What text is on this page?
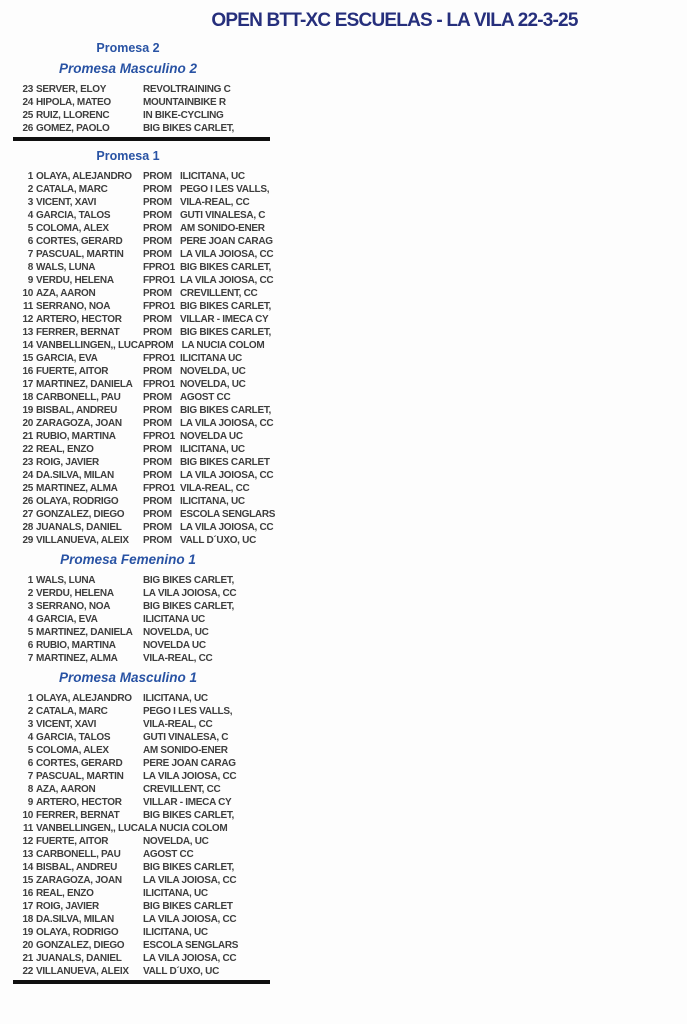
OPEN BTT-XC ESCUELAS - LA VILA 22-3-25
Promesa 2
Promesa Masculino 2
23 SERVER, ELOY	REVOLTRAINING C
24 HIPOLA, MATEO	MOUNTAINBIKE R
25 RUIZ, LLORENC	IN BIKE-CYCLING
26 GOMEZ, PAOLO	BIG BIKES CARLET,
Promesa 1
1 OLAYA, ALEJANDRO	PROM ILICITANA, UC
2 CATALA, MARC	PROM PEGO I LES VALLS,
3 VICENT, XAVI	PROM VILA-REAL, CC
4 GARCIA, TALOS	PROM GUTI VINALESA, C
5 COLOMA, ALEX	PROM AM SONIDO-ENER
6 CORTES, GERARD	PROM PERE JOAN CARAG
7 PASCUAL, MARTIN	PROM LA VILA JOIOSA, CC
8 WALS, LUNA	FPRO1 BIG BIKES CARLET,
9 VERDU, HELENA	FPRO1 LA VILA JOIOSA, CC
10 AZA, AARON	PROM CREVILLENT, CC
11 SERRANO, NOA	FPRO1 BIG BIKES CARLET,
12 ARTERO, HECTOR	PROM VILLAR - IMECA CY
13 FERRER, BERNAT	PROM BIG BIKES CARLET,
14 VANBELLINGEN,, LUCA PROM LA NUCIA COLOM
15 GARCIA, EVA	FPRO1 ILICITANA UC
16 FUERTE, AITOR	PROM NOVELDA, UC
17 MARTINEZ, DANIELA	FPRO1 NOVELDA, UC
18 CARBONELL, PAU	PROM AGOST CC
19 BISBAL, ANDREU	PROM BIG BIKES CARLET,
20 ZARAGOZA, JOAN	PROM LA VILA JOIOSA, CC
21 RUBIO, MARTINA	FPRO1 NOVELDA UC
22 REAL, ENZO	PROM ILICITANA, UC
23 ROIG, JAVIER	PROM BIG BIKES CARLET
24 DA.SILVA, MILAN	PROM LA VILA JOIOSA, CC
25 MARTINEZ, ALMA	FPRO1 VILA-REAL, CC
26 OLAYA, RODRIGO	PROM ILICITANA, UC
27 GONZALEZ, DIEGO	PROM ESCOLA SENGLARS
28 JUANALS, DANIEL	PROM LA VILA JOIOSA, CC
29 VILLANUEVA, ALEIX	PROM VALL D´UXO, UC
Promesa Femenino 1
1 WALS, LUNA	BIG BIKES CARLET,
2 VERDU, HELENA	LA VILA JOIOSA, CC
3 SERRANO, NOA	BIG BIKES CARLET,
4 GARCIA, EVA	ILICITANA UC
5 MARTINEZ, DANIELA	NOVELDA, UC
6 RUBIO, MARTINA	NOVELDA UC
7 MARTINEZ, ALMA	VILA-REAL, CC
Promesa Masculino 1
1 OLAYA, ALEJANDRO	ILICITANA, UC
2 CATALA, MARC	PEGO I LES VALLS,
3 VICENT, XAVI	VILA-REAL, CC
4 GARCIA, TALOS	GUTI VINALESA, C
5 COLOMA, ALEX	AM SONIDO-ENER
6 CORTES, GERARD	PERE JOAN CARAG
7 PASCUAL, MARTIN	LA VILA JOIOSA, CC
8 AZA, AARON	CREVILLENT, CC
9 ARTERO, HECTOR	VILLAR - IMECA CY
10 FERRER, BERNAT	BIG BIKES CARLET,
11 VANBELLINGEN,, LUCA LA NUCIA COLOM
12 FUERTE, AITOR	NOVELDA, UC
13 CARBONELL, PAU	AGOST CC
14 BISBAL, ANDREU	BIG BIKES CARLET,
15 ZARAGOZA, JOAN	LA VILA JOIOSA, CC
16 REAL, ENZO	ILICITANA, UC
17 ROIG, JAVIER	BIG BIKES CARLET
18 DA.SILVA, MILAN	LA VILA JOIOSA, CC
19 OLAYA, RODRIGO	ILICITANA, UC
20 GONZALEZ, DIEGO	ESCOLA SENGLARS
21 JUANALS, DANIEL	LA VILA JOIOSA, CC
22 VILLANUEVA, ALEIX	VALL D´UXO, UC
